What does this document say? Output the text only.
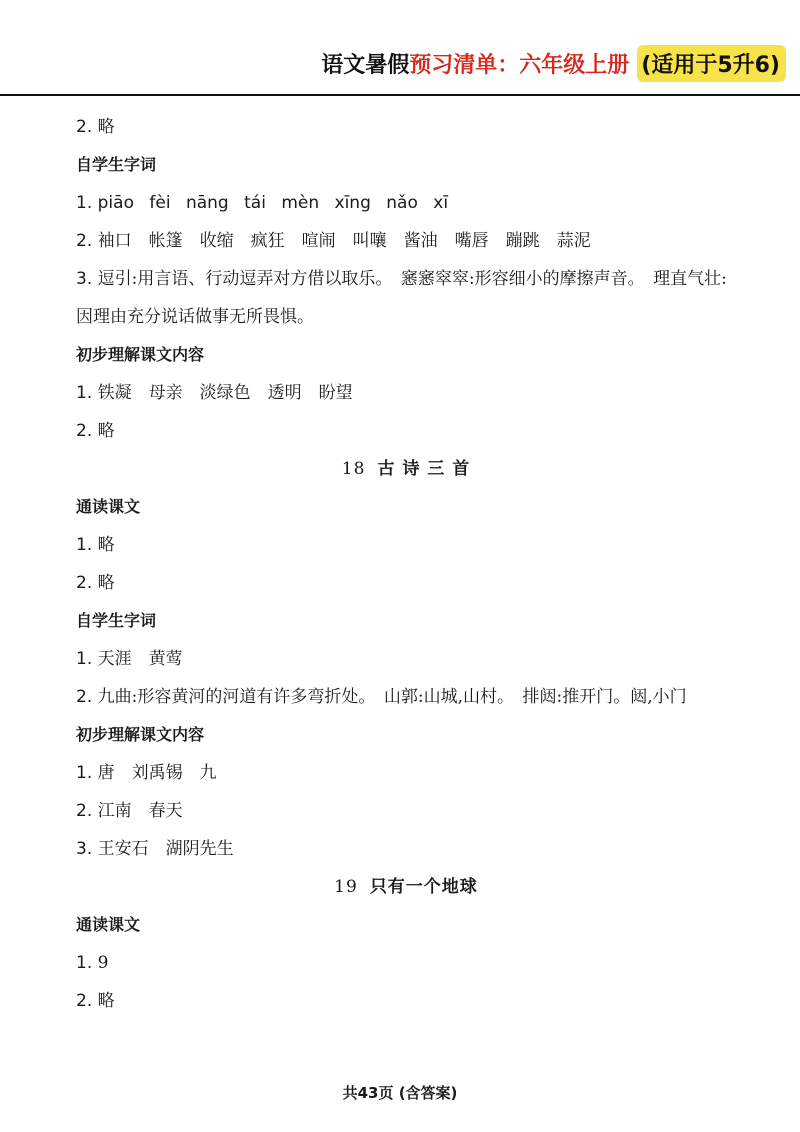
语文暑假 预习清单：六年级上册 (适用于5升6)
2. 略
自学生字词
1. piāo fèi nāng tái mèn xīng nǎo xī
2. 袖口　帐篷　收缩　疯狂　喧闹　叫嚷　酱油　嘴唇　蹦跳　蒜泥
3. 逗引:用言语、行动逗弄对方借以取乐。　窸窸窣窣:形容细小的摩擦声音。　理直气壮:因理由充分说话做事无所畏惧。
初步理解课文内容
1. 铁凝　母亲　淡绿色　透明　盼望
2. 略
18 古 诗 三 首
通读课文
1. 略
2. 略
自学生字词
1. 天涯　黄莺
2. 九曲:形容黄河的河道有许多弯折处。　山郭:山城,山村。　排闼:推开门。闼,小门
初步理解课文内容
1. 唐　刘禹锡　九
2. 江南　春天
3. 王安石　湖阴先生
19 只有一个地球
通读课文
1. 9
2. 略
共43页 (含答案)
